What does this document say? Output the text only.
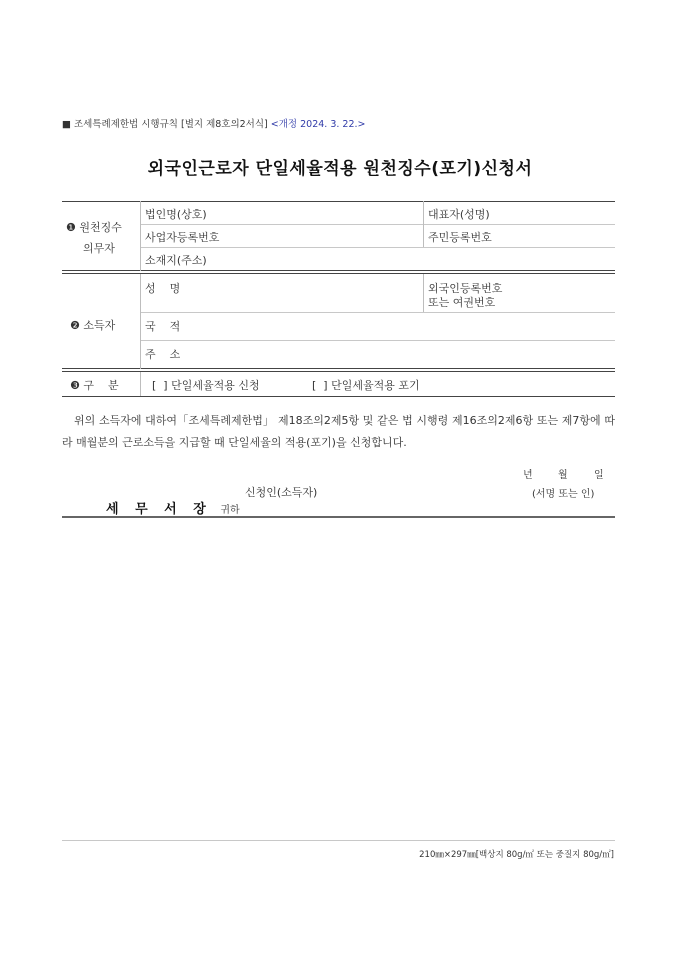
■ 조세특례제한법 시행규칙 [별지 제8호의2서식] <개정 2024. 3. 22.>
외국인근로자 단일세율적용 원천징수(포기)신청서
❶ 원천징수
의무자
법인명(상호)	대표자(성명)
사업자등록번호	주민등록번호
소재지(주소)
❷ 소득자
성    명	외국인등록번호
또는 여권번호
국    적
주    소
❸ 구    분	[  ] 단일세율적용 신청	[  ] 단일세율적용 포기
위의 소득자에 대하여「조세특례제한법」 제18조의2제5항 및 같은 법 시행령 제16조의2제6항 또는 제7항에 따라 매월분의 근로소득을 지급할 때 단일세율의 적용(포기)을 신청합니다.
년	월	일
신청인(소득자)	(서명 또는 인)
세 무 서 장 귀하
210㎜×297㎜[백상지 80g/㎡ 또는 중질지 80g/㎡]
